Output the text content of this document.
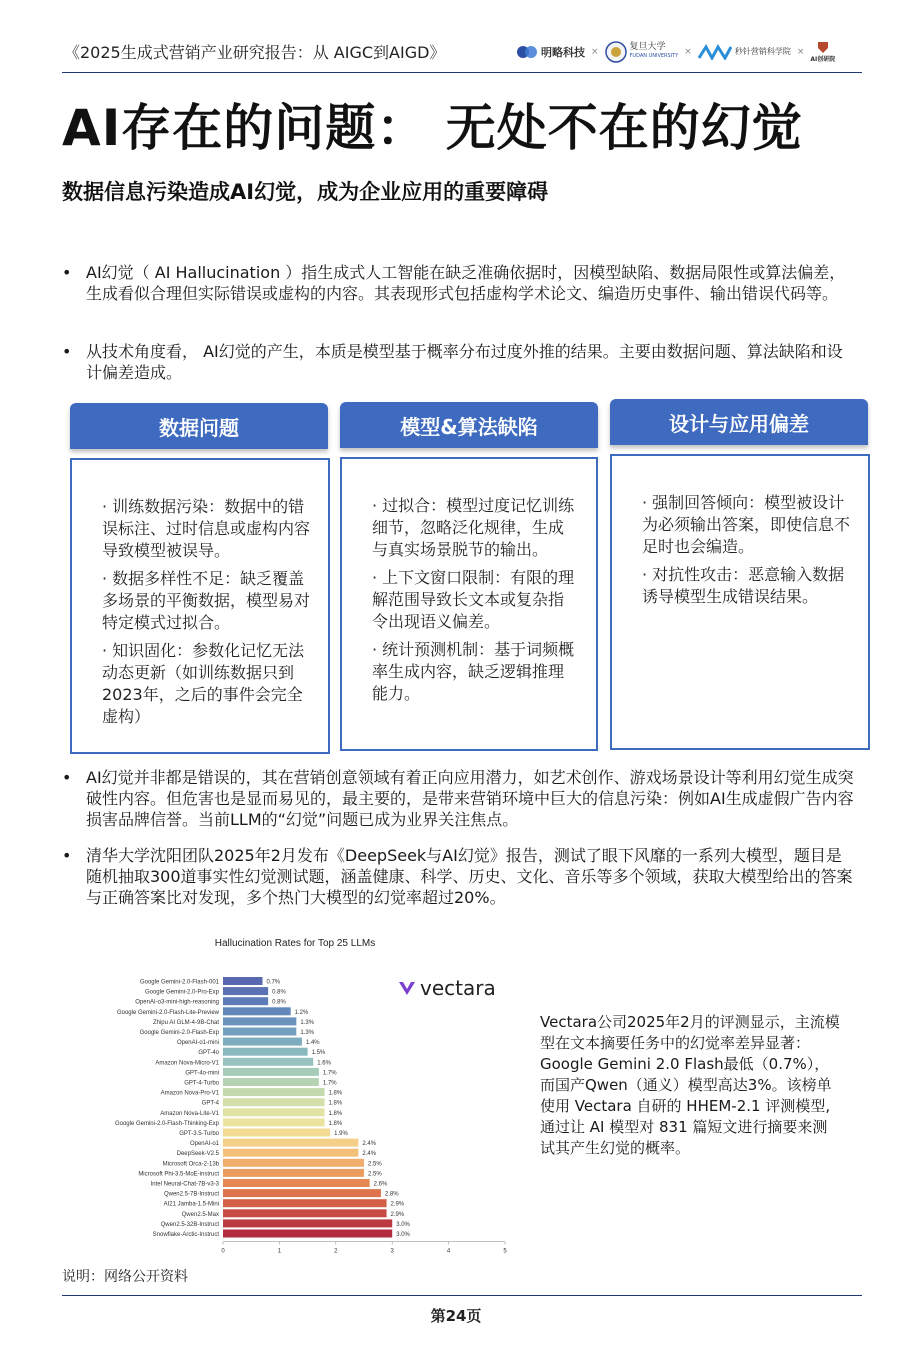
《2025生成式营销产业研究报告：从 AIGC到AIGD》	明略科技 ×	复旦大学
FUDAN UNIVERSITY ×	秒针营销科学院 ×
AI创研院
AI存在的问题： 无处不在的幻觉
数据信息污染造成AI幻觉，成为企业应用的重要障碍
• AI幻觉（ AI Hallucination ）指生成式人工智能在缺乏准确依据时，因模型缺陷、数据局限性或算法偏差，生成看似合理但实际错误或虚构的内容。其表现形式包括虚构学术论文、编造历史事件、输出错误代码等。
• 从技术角度看， AI幻觉的产生，本质是模型基于概率分布过度外推的结果。主要由数据问题、算法缺陷和设计偏差造成。
数据问题
· 训练数据污染：数据中的错误标注、过时信息或虚构内容导致模型被误导。
· 数据多样性不足：缺乏覆盖多场景的平衡数据，模型易对特定模式过拟合。
· 知识固化：参数化记忆无法动态更新（如训练数据只到2023年，之后的事件会完全虚构）
模型&算法缺陷
· 过拟合：模型过度记忆训练细节，忽略泛化规律，生成与真实场景脱节的输出。
· 上下文窗口限制：有限的理解范围导致长文本或复杂指令出现语义偏差。
· 统计预测机制：基于词频概率生成内容，缺乏逻辑推理能力。
设计与应用偏差
· 强制回答倾向：模型被设计为必须输出答案，即使信息不足时也会编造。
· 对抗性攻击：恶意输入数据诱导模型生成错误结果。
• AI幻觉并非都是错误的，其在营销创意领域有着正向应用潜力，如艺术创作、游戏场景设计等利用幻觉生成突破性内容。但危害也是显而易见的，最主要的，是带来营销环境中巨大的信息污染：例如AI生成虚假广告内容损害品牌信誉。当前LLM的“幻觉”问题已成为业界关注焦点。
• 清华大学沈阳团队2025年2月发布《DeepSeek与AI幻觉》报告，测试了眼下风靡的一系列大模型，题目是随机抽取300道事实性幻觉测试题，涵盖健康、科学、历史、文化、音乐等多个领域，获取大模型给出的答案与正确答案比对发现，多个热门大模型的幻觉率超过20%。
Hallucination Rates for Top 25 LLMs
Google Gemini-2.0-Flash-001	0.7%
Google Gemini-2.0-Pro-Exp	0.8%
OpenAI-o3-mini-high-reasoning	0.8%
Google Gemini-2.0-Flash-Lite-Preview	1.2%
Zhipu AI GLM-4-9B-Chat	1.3%
Google Gemini-2.0-Flash-Exp	1.3%
OpenAI-o1-mini	1.4%
GPT-4o	1.5%
Amazon Nova-Micro-V1	1.6%
GPT-4o-mini	1.7%
GPT-4-Turbo	1.7%
Amazon Nova-Pro-V1	1.8%
GPT-4	1.8%
Amazon Nova-Lite-V1	1.8%
Google Gemini-2.0-Flash-Thinking-Exp	1.8%
GPT-3.5-Turbo	1.9%
OpenAI-o1	2.4%
DeepSeek-V2.5	2.4%
Microsoft Orca-2-13b	2.5%
Microsoft Phi-3.5-MoE-instruct	2.5%
Intel Neural-Chat-7B-v3-3	2.6%
Qwen2.5-7B-Instruct	2.8%
AI21 Jamba-1.5-Mini	2.9%
Qwen2.5-Max	2.9%
Qwen2.5-32B-Instruct	3.0%
Snowflake-Arctic-Instruct	3.0%
0	1	2	3	4	5
vectara
Vectara公司2025年2月的评测显示，主流模型在文本摘要任务中的幻觉率差异显著：Google Gemini 2.0 Flash最低（0.7%），而国产Qwen（通义）模型高达3%。该榜单使用 Vectara 自研的 HHEM-2.1 评测模型,通过让 AI 模型对 831 篇短文进行摘要来测试其产生幻觉的概率。
说明：网络公开资料
第24页
